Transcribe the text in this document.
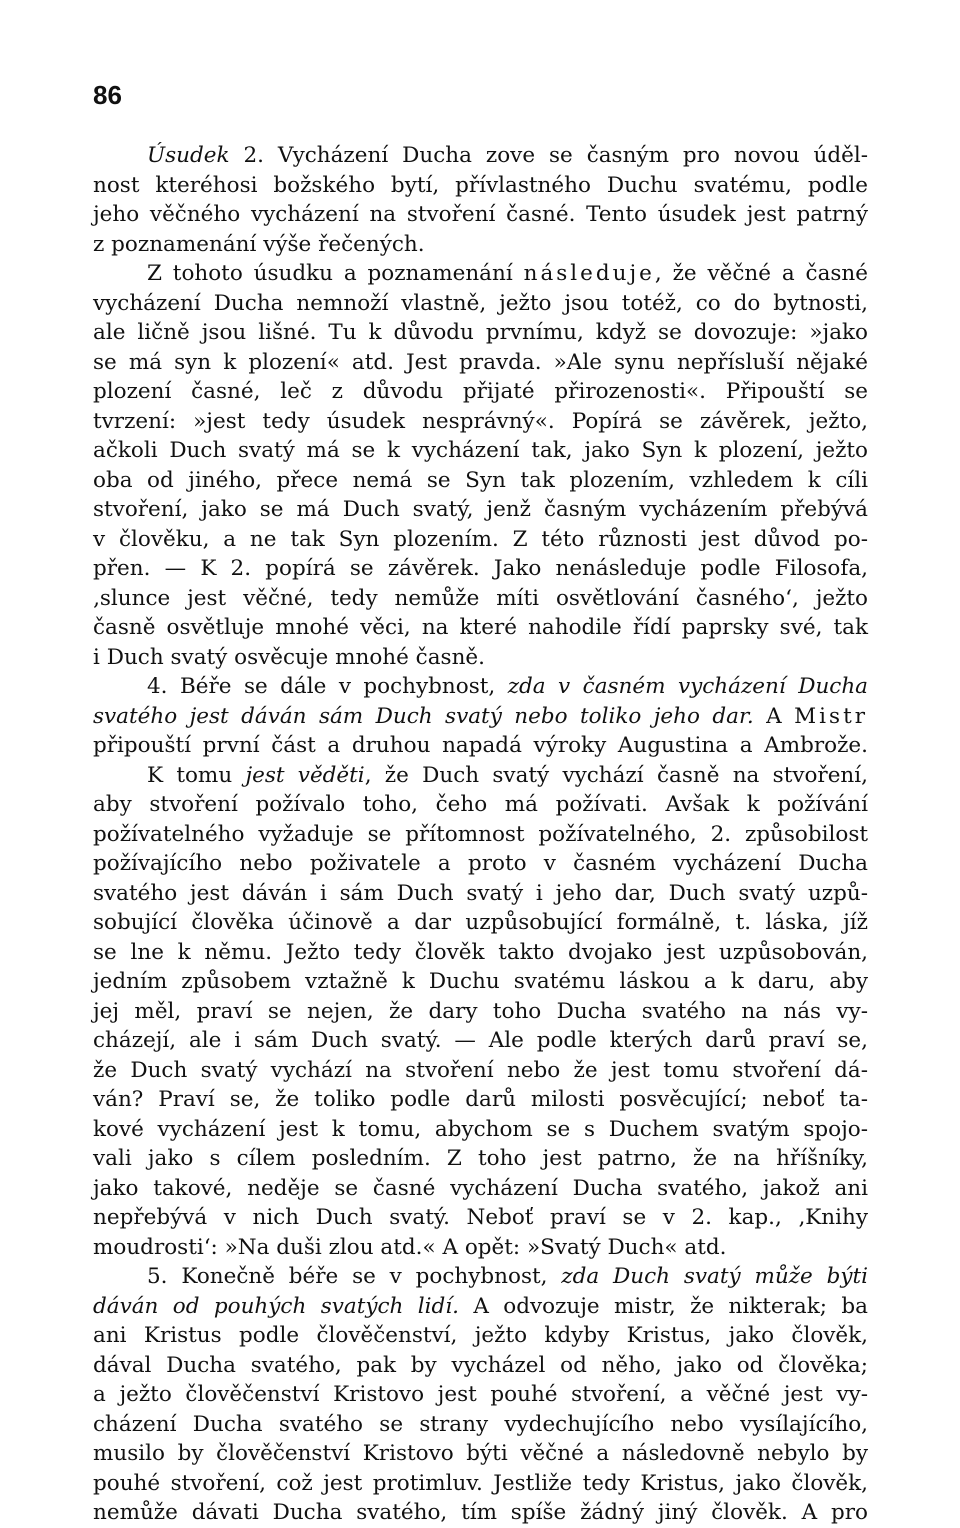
86

Úsudek 2. Vycházení Ducha zove se časným pro novou úděl-
nost kteréhosi božského bytí, přívlastného Duchu svatému, podle
jeho věčného vycházení na stvoření časné. Tento úsudek jest patrný
z poznamenání výše řečených.
Z tohoto úsudku a poznamenání následuje, že věčné a časné
vycházení Ducha nemnoží vlastně, ježto jsou totéž, co do bytnosti,
ale ličně jsou lišné. Tu k důvodu prvnímu, když se dovozuje: »jako
se má syn k plození« atd. Jest pravda. »Ale synu nepřísluší nějaké
plození časné, leč z důvodu přijaté přirozenosti«. Připouští se
tvrzení: »jest tedy úsudek nesprávný«. Popírá se závěrek, ježto,
ačkoli Duch svatý má se k vycházení tak, jako Syn k plození, ježto
oba od jiného, přece nemá se Syn tak plozením, vzhledem k cíli
stvoření, jako se má Duch svatý, jenž časným vycházením přebývá
v člověku, a ne tak Syn plozením. Z této různosti jest důvod po-
přen. — K 2. popírá se závěrek. Jako nenásleduje podle Filosofa,
‚slunce jest věčné, tedy nemůže míti osvětlování časného‘, ježto
časně osvětluje mnohé věci, na které nahodile řídí paprsky své, tak
i Duch svatý osvěcuje mnohé časně.
4. Béře se dále v pochybnost, zda v časném vycházení Ducha
svatého jest dáván sám Duch svatý nebo toliko jeho dar. A Mistr
připouští první část a druhou napadá výroky Augustina a Ambrože.
K tomu jest věděti, že Duch svatý vychází časně na stvoření,
aby stvoření požívalo toho, čeho má požívati. Avšak k požívání
požívatelného vyžaduje se přítomnost požívatelného, 2. způsobilost
požívajícího nebo poživatele a proto v časném vycházení Ducha
svatého jest dáván i sám Duch svatý i jeho dar, Duch svatý uzpů-
sobující člověka účinově a dar uzpůsobující formálně, t. láska, jíž
se lne k němu. Ježto tedy člověk takto dvojako jest uzpůsobován,
jedním způsobem vztažně k Duchu svatému láskou a k daru, aby
jej měl, praví se nejen, že dary toho Ducha svatého na nás vy-
cházejí, ale i sám Duch svatý. — Ale podle kterých darů praví se,
že Duch svatý vychází na stvoření nebo že jest tomu stvoření dá-
ván? Praví se, že toliko podle darů milosti posvěcující; neboť ta-
kové vycházení jest k tomu, abychom se s Duchem svatým spojo-
vali jako s cílem posledním. Z toho jest patrno, že na hříšníky,
jako takové, neděje se časné vycházení Ducha svatého, jakož ani
nepřebývá v nich Duch svatý. Neboť praví se v 2. kap., ‚Knihy
moudrosti‘: »Na duši zlou atd.« A opět: »Svatý Duch« atd.
5. Konečně béře se v pochybnost, zda Duch svatý může býti
dáván od pouhých svatých lidí. A odvozuje mistr, že nikterak; ba
ani Kristus podle člověčenství, ježto kdyby Kristus, jako člověk,
dával Ducha svatého, pak by vycházel od něho, jako od člověka;
a ježto člověčenství Kristovo jest pouhé stvoření, a věčné jest vy-
cházení Ducha svatého se strany vydechujícího nebo vysílajícího,
musilo by člověčenství Kristovo býti věčné a následovně nebylo by
pouhé stvoření, což jest protimluv. Jestliže tedy Kristus, jako člověk,
nemůže dávati Ducha svatého, tím spíše žádný jiný člověk. A pro
